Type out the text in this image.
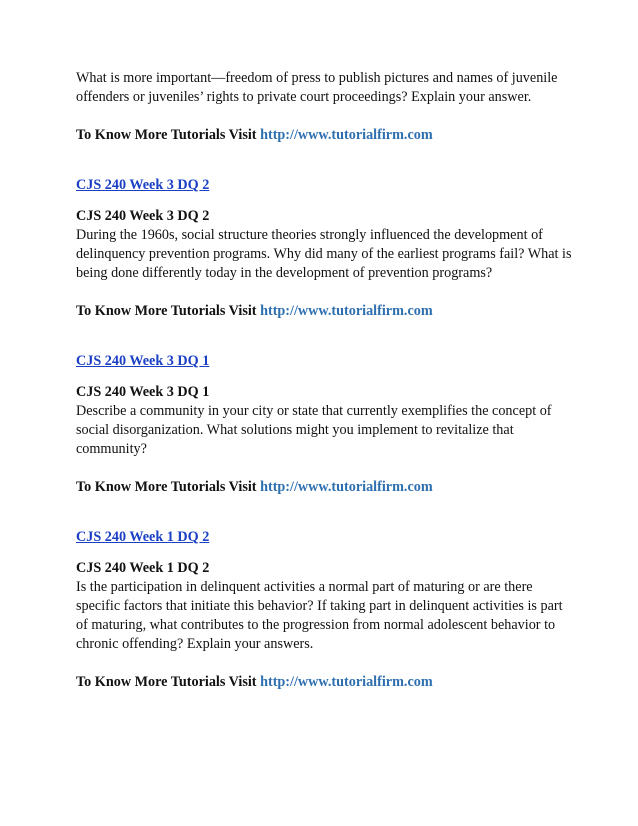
What is more important—freedom of press to publish pictures and names of juvenile offenders or juveniles’ rights to private court proceedings? Explain your answer.

To Know More Tutorials Visit http://www.tutorialfirm.com

CJS 240 Week 3 DQ 2

CJS 240 Week 3 DQ 2

During the 1960s, social structure theories strongly influenced the development of delinquency prevention programs. Why did many of the earliest programs fail? What is being done differently today in the development of prevention programs?

To Know More Tutorials Visit http://www.tutorialfirm.com

CJS 240 Week 3 DQ 1

CJS 240 Week 3 DQ 1

Describe a community in your city or state that currently exemplifies the concept of social disorganization. What solutions might you implement to revitalize that community?

To Know More Tutorials Visit http://www.tutorialfirm.com

CJS 240 Week 1 DQ 2

CJS 240 Week 1 DQ 2

Is the participation in delinquent activities a normal part of maturing or are there specific factors that initiate this behavior? If taking part in delinquent activities is part of maturing, what contributes to the progression from normal adolescent behavior to chronic offending? Explain your answers.

To Know More Tutorials Visit http://www.tutorialfirm.com
